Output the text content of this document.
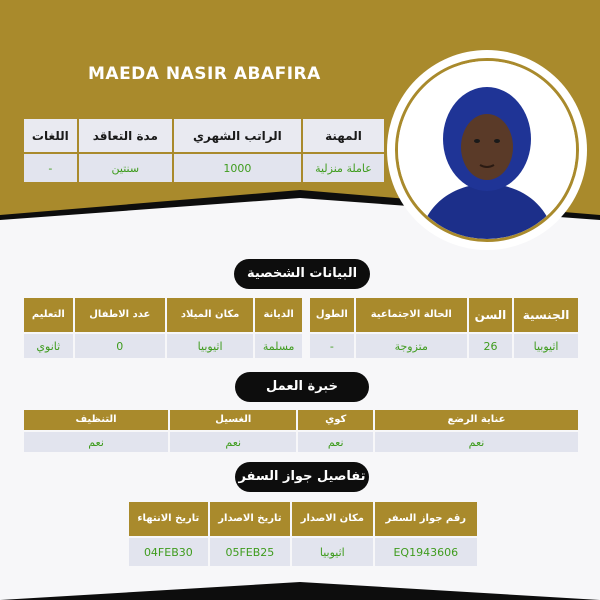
MAEDA NASIR ABAFIRA
اللغات	مدة التعاقد	الراتب الشهري	المهنة
-	سنتين	1000	عاملة منزلية
البيانات الشخصية
التعليم	عدد الاطفال	مكان الميلاد	الديانة
ثانوي	0	اثيوبيا	مسلمة
الطول	الحالة الاجتماعية	السن	الجنسية
-	متزوجة	26	اثيوبيا
خبرة العمل
التنظيف	الغسيل	كوي	عناية الرضع
نعم	نعم	نعم	نعم
تفاصيل جواز السفر
تاريخ الانتهاء	تاريخ الاصدار	مكان الاصدار	رقم جواز السفر
04FEB30	05FEB25	اثيوبيا	EQ1943606
